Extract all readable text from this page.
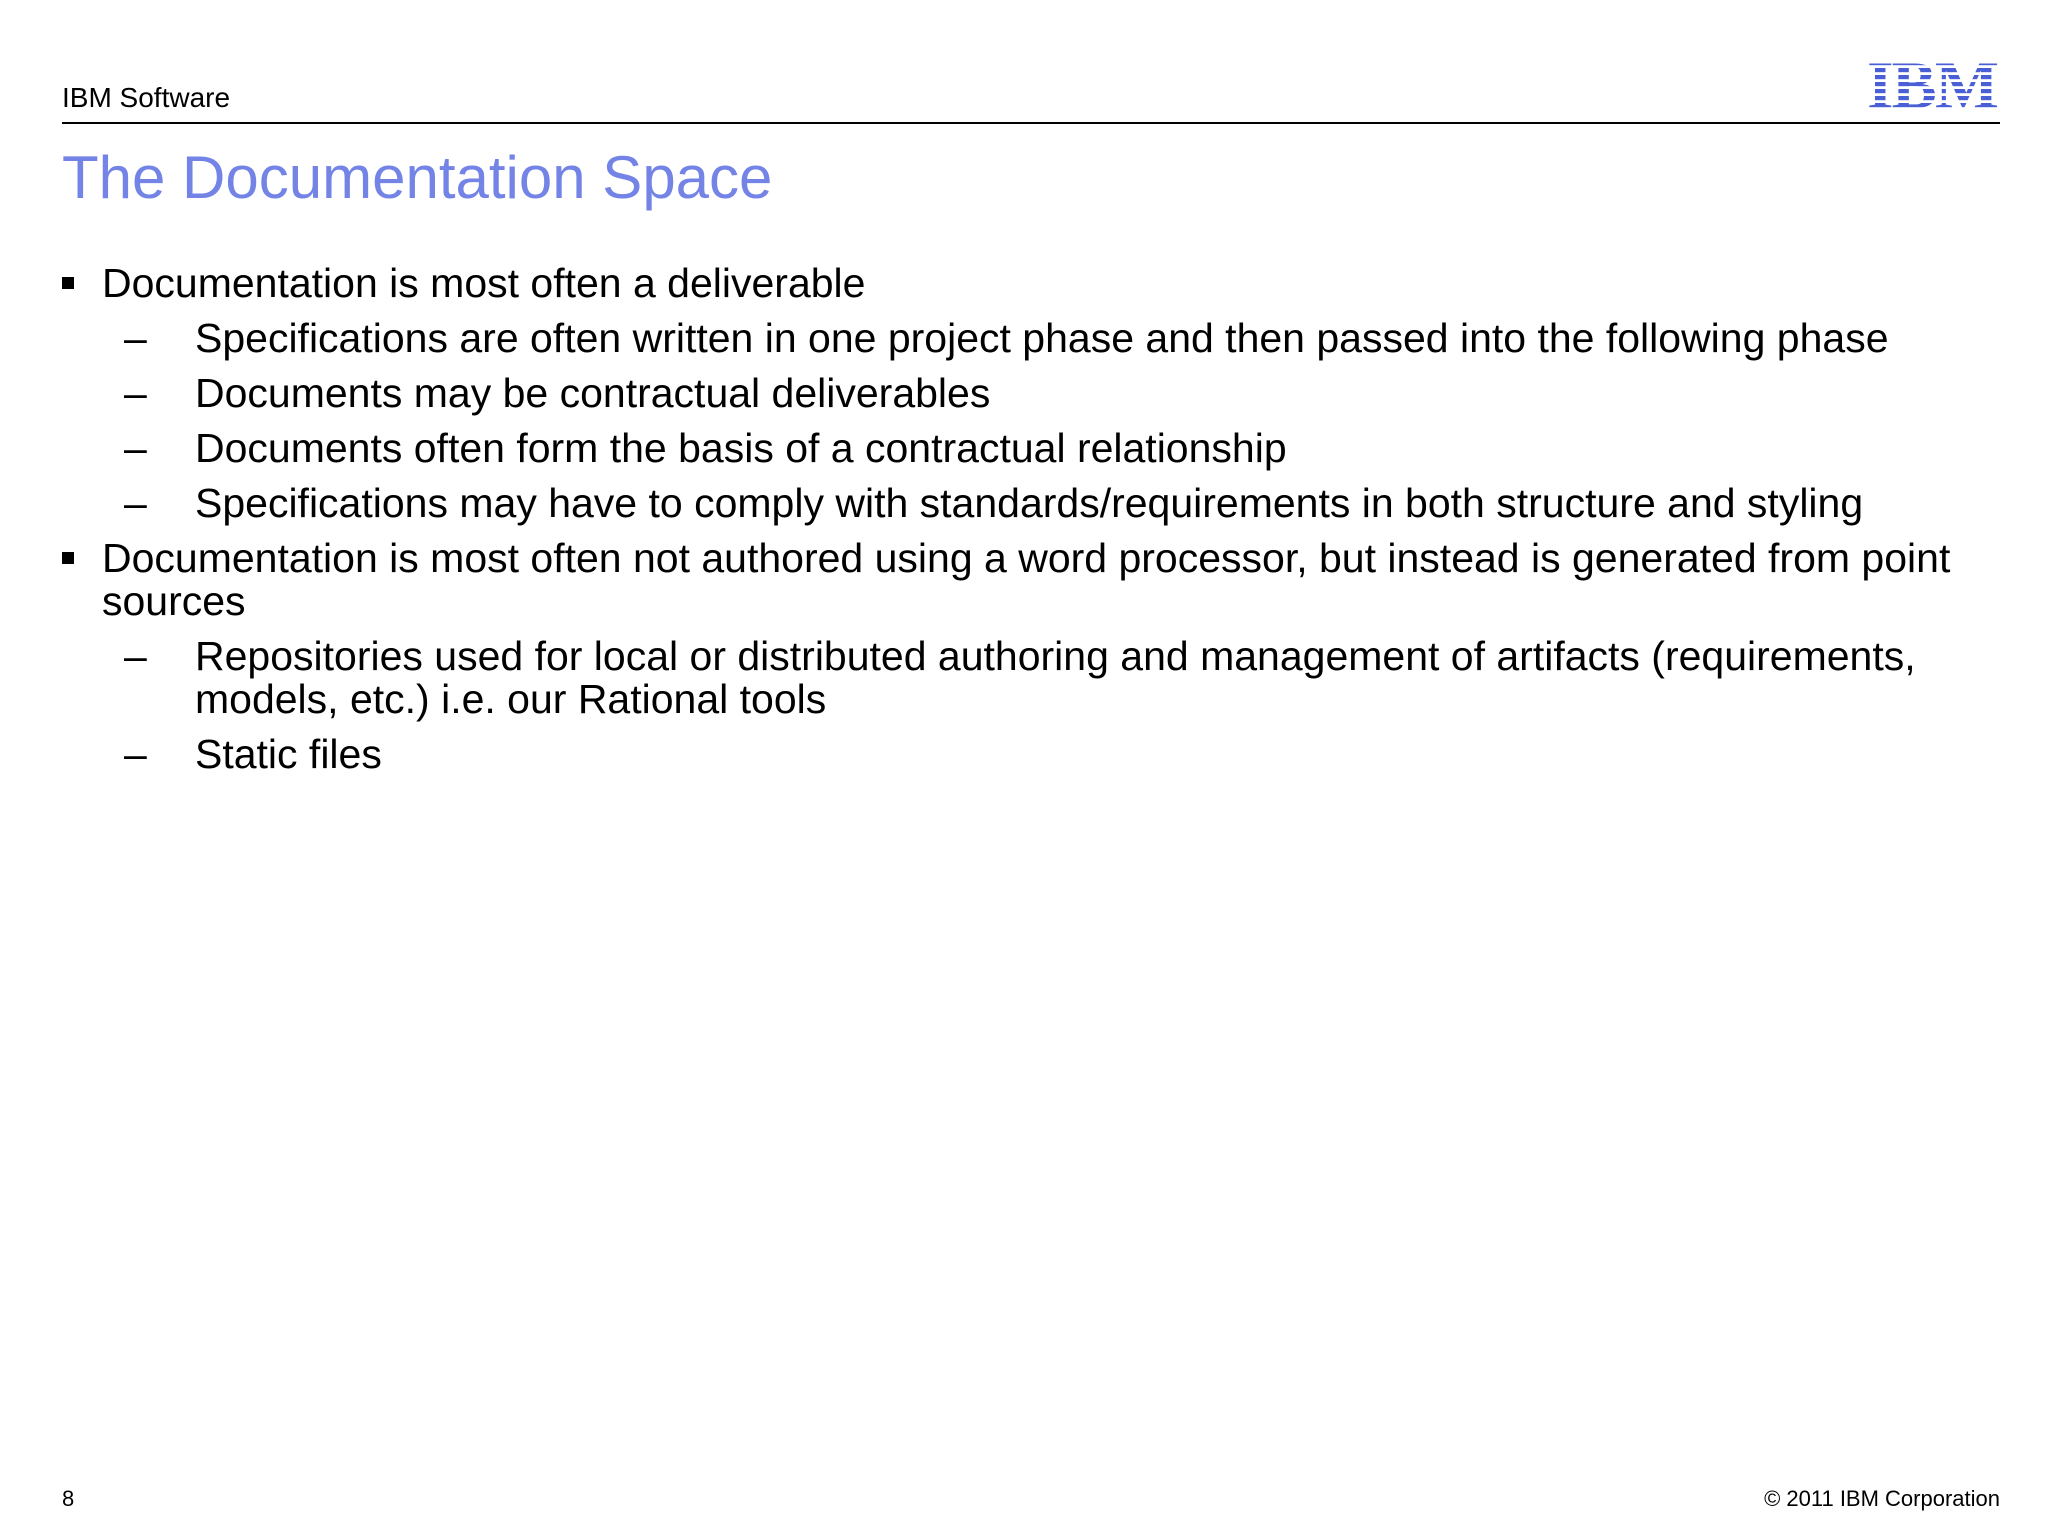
IBM Software
The Documentation Space
Documentation is most often a deliverable
– Specifications are often written in one project phase and then passed into the following phase
– Documents may be contractual deliverables
– Documents often form the basis of a contractual relationship
– Specifications may have to comply with standards/requirements in both structure and styling
Documentation is most often not authored using a word processor, but instead is generated from point sources
– Repositories used for local or distributed authoring and management of artifacts (requirements, models, etc.) i.e. our Rational tools
– Static files
8	© 2011 IBM Corporation
